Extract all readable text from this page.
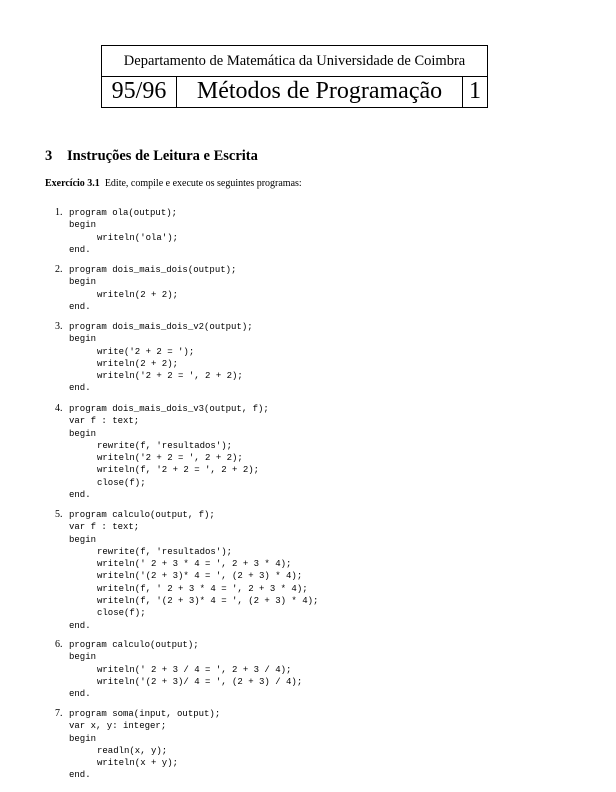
Departamento de Matemática da Universidade de Coimbra
95/96	Métodos de Programação	1
3 Instruções de Leitura e Escrita
Exercício 3.1 Edite, compile e execute os seguintes programas:
1. program ola(output);
begin
writeln('ola');
end.
2. program dois_mais_dois(output);
begin
writeln(2 + 2);
end.
3. program dois_mais_dois_v2(output);
begin
write('2 + 2 = ');
writeln(2 + 2);
writeln('2 + 2 = ', 2 + 2);
end.
4. program dois_mais_dois_v3(output, f);
var f : text;
begin
rewrite(f, 'resultados');
writeln('2 + 2 = ', 2 + 2);
writeln(f, '2 + 2 = ', 2 + 2);
close(f);
end.
5. program calculo(output, f);
var f : text;
begin
rewrite(f, 'resultados');
writeln(' 2 + 3 * 4 = ', 2 + 3 * 4);
writeln('(2 + 3)* 4 = ', (2 + 3) * 4);
writeln(f, ' 2 + 3 * 4 = ', 2 + 3 * 4);
writeln(f, '(2 + 3)* 4 = ', (2 + 3) * 4);
close(f);
end.
6. program calculo(output);
begin
writeln(' 2 + 3 / 4 = ', 2 + 3 / 4);
writeln('(2 + 3)/ 4 = ', (2 + 3) / 4);
end.
7. program soma(input, output);
var x, y: integer;
begin
readln(x, y);
writeln(x + y);
end.
